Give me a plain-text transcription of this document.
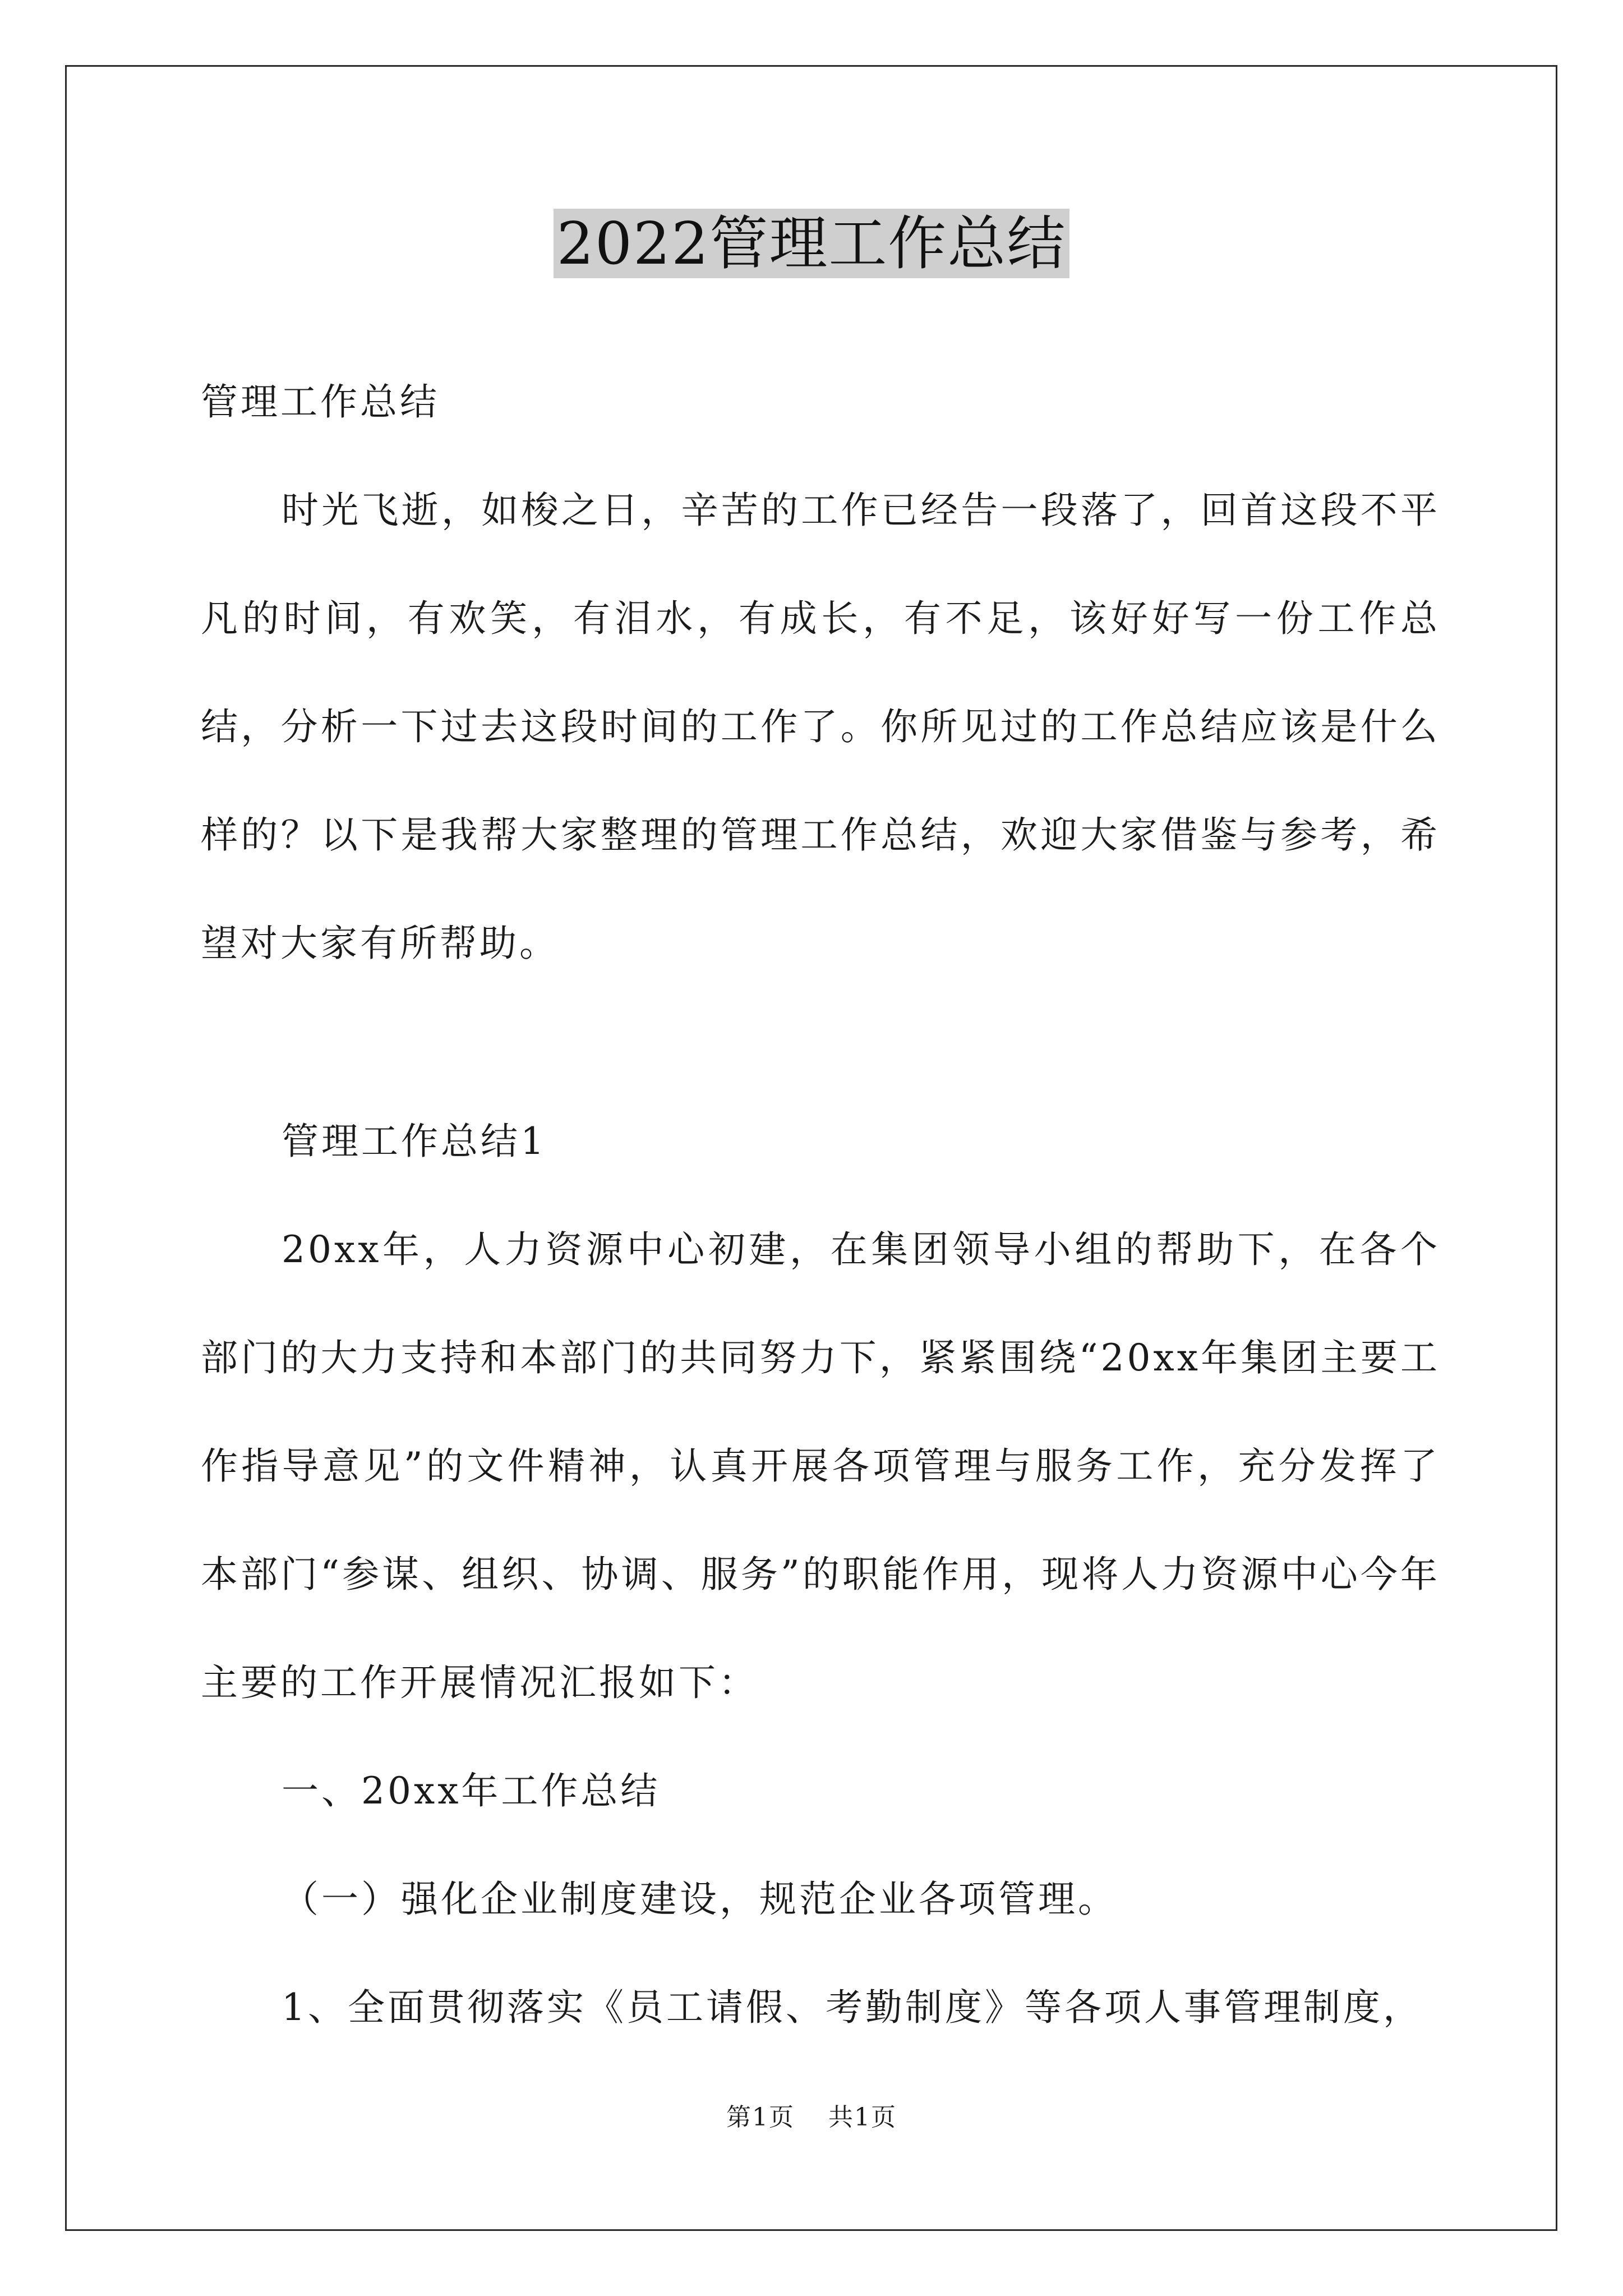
2022管理工作总结

管理工作总结

时光飞逝，如梭之日，辛苦的工作已经告一段落了，回首这段不平凡的时间，有欢笑，有泪水，有成长，有不足，该好好写一份工作总结，分析一下过去这段时间的工作了。你所见过的工作总结应该是什么样的？以下是我帮大家整理的管理工作总结，欢迎大家借鉴与参考，希望对大家有所帮助。

管理工作总结1

20xx年，人力资源中心初建，在集团领导小组的帮助下，在各个部门的大力支持和本部门的共同努力下，紧紧围绕“20xx年集团主要工作指导意见”的文件精神，认真开展各项管理与服务工作，充分发挥了本部门“参谋、组织、协调、服务”的职能作用，现将人力资源中心今年主要的工作开展情况汇报如下：

一、20xx年工作总结

（一）强化企业制度建设，规范企业各项管理。

1、全面贯彻落实《员工请假、考勤制度》等各项人事管理制度，

第1页 共1页
